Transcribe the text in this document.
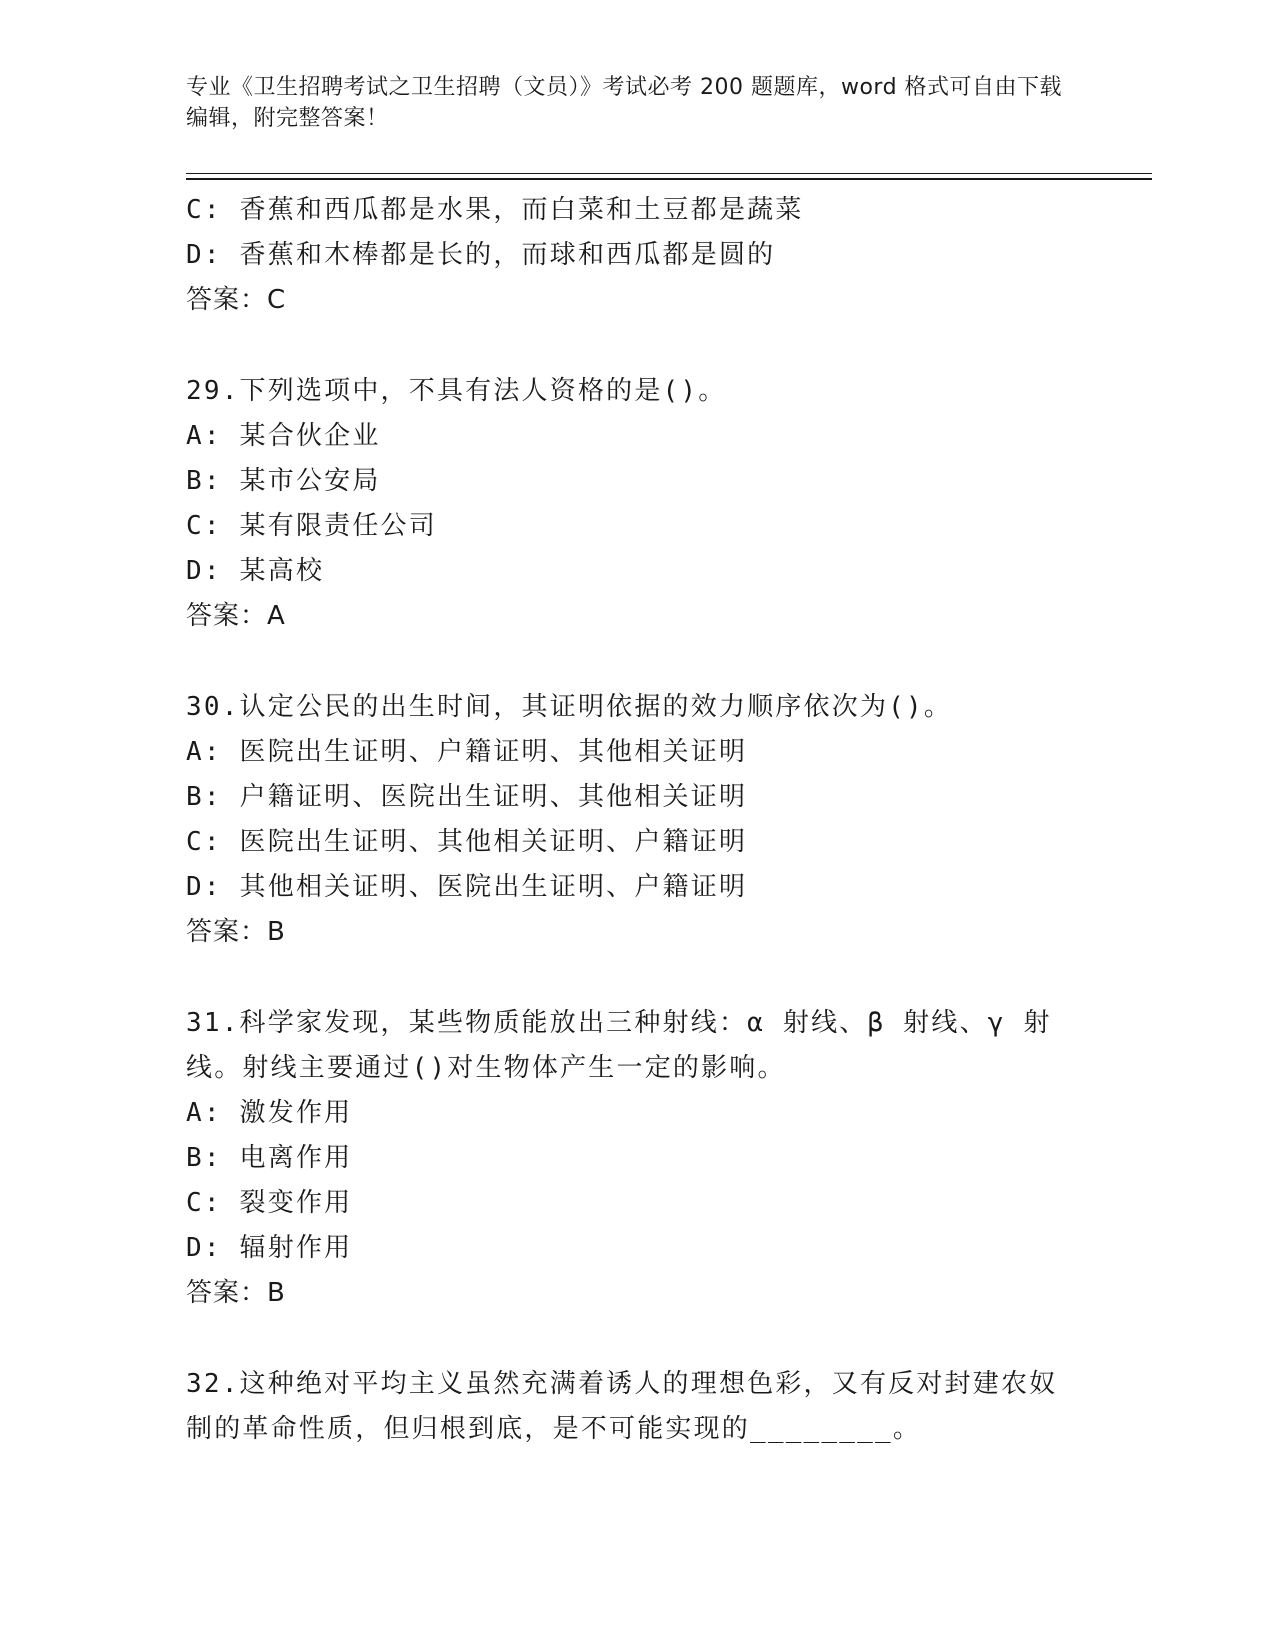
专业《卫生招聘考试之卫生招聘（文员）》考试必考 200 题题库，word 格式可自由下载编辑，附完整答案！
C: 香蕉和西瓜都是水果，而白菜和土豆都是蔬菜
D: 香蕉和木棒都是长的，而球和西瓜都是圆的
答案：C
29.下列选项中，不具有法人资格的是()。
A: 某合伙企业
B: 某市公安局
C: 某有限责任公司
D: 某高校
答案：A
30.认定公民的出生时间，其证明依据的效力顺序依次为()。
A: 医院出生证明、户籍证明、其他相关证明
B: 户籍证明、医院出生证明、其他相关证明
C: 医院出生证明、其他相关证明、户籍证明
D: 其他相关证明、医院出生证明、户籍证明
答案：B
31.科学家发现，某些物质能放出三种射线：α 射线、β 射线、γ 射
线。射线主要通过()对生物体产生一定的影响。
A: 激发作用
B: 电离作用
C: 裂变作用
D: 辐射作用
答案：B
32.这种绝对平均主义虽然充满着诱人的理想色彩，又有反对封建农奴
制的革命性质，但归根到底，是不可能实现的________。
